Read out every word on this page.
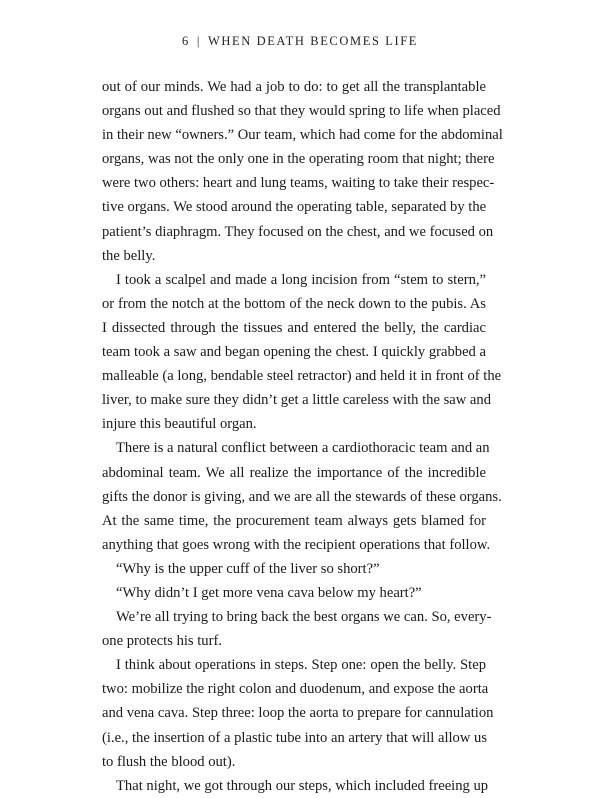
6 | WHEN DEATH BECOMES LIFE
out of our minds. We had a job to do: to get all the transplantable
organs out and flushed so that they would spring to life when placed
in their new “owners.” Our team, which had come for the abdominal
organs, was not the only one in the operating room that night; there
were two others: heart and lung teams, waiting to take their respec-
tive organs. We stood around the operating table, separated by the
patient’s diaphragm. They focused on the chest, and we focused on
the belly.
I took a scalpel and made a long incision from “stem to stern,”
or from the notch at the bottom of the neck down to the pubis. As
I dissected through the tissues and entered the belly, the cardiac
team took a saw and began opening the chest. I quickly grabbed a
malleable (a long, bendable steel retractor) and held it in front of the
liver, to make sure they didn’t get a little careless with the saw and
injure this beautiful organ.
There is a natural conflict between a cardiothoracic team and an
abdominal team. We all realize the importance of the incredible
gifts the donor is giving, and we are all the stewards of these organs.
At the same time, the procurement team always gets blamed for
anything that goes wrong with the recipient operations that follow.
“Why is the upper cuff of the liver so short?”
“Why didn’t I get more vena cava below my heart?”
We’re all trying to bring back the best organs we can. So, every-
one protects his turf.
I think about operations in steps. Step one: open the belly. Step
two: mobilize the right colon and duodenum, and expose the aorta
and vena cava. Step three: loop the aorta to prepare for cannulation
(i.e., the insertion of a plastic tube into an artery that will allow us
to flush the blood out).
That night, we got through our steps, which included freeing up
